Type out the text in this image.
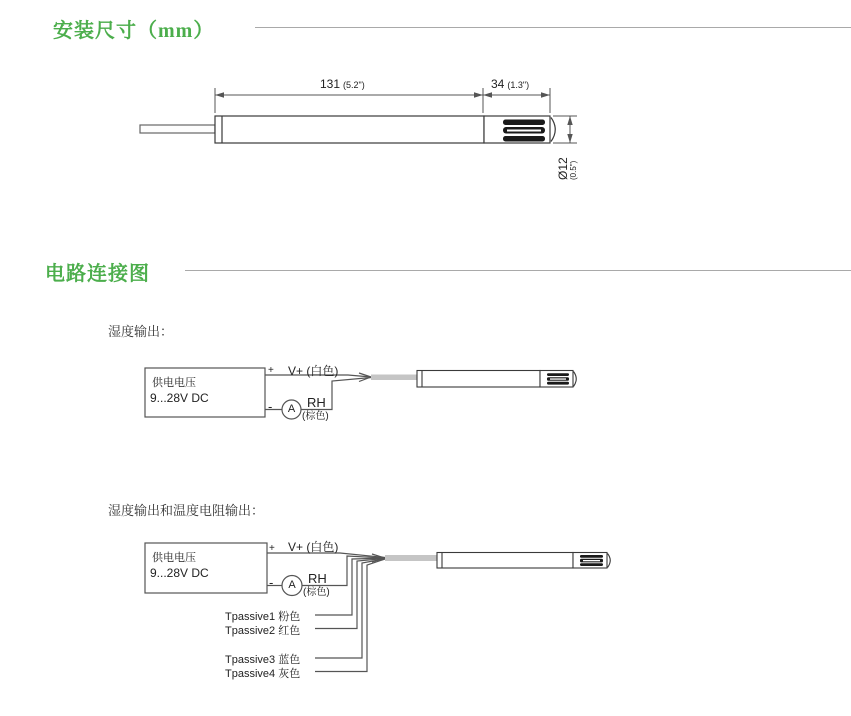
安装尺寸（mm）
131 (5.2")	34 (1.3")
Ø12
(0.5")
电路连接图
湿度输出：
供电电压
9...28V DC
+
-	A
V+ (白色)
RH
(棕色)
湿度输出和温度电阻输出：
供电电压
9...28V DC
+
-	A
V+ (白色)
RH
(棕色)
Tpassive1 粉色
Tpassive2 红色
Tpassive3 蓝色
Tpassive4 灰色
